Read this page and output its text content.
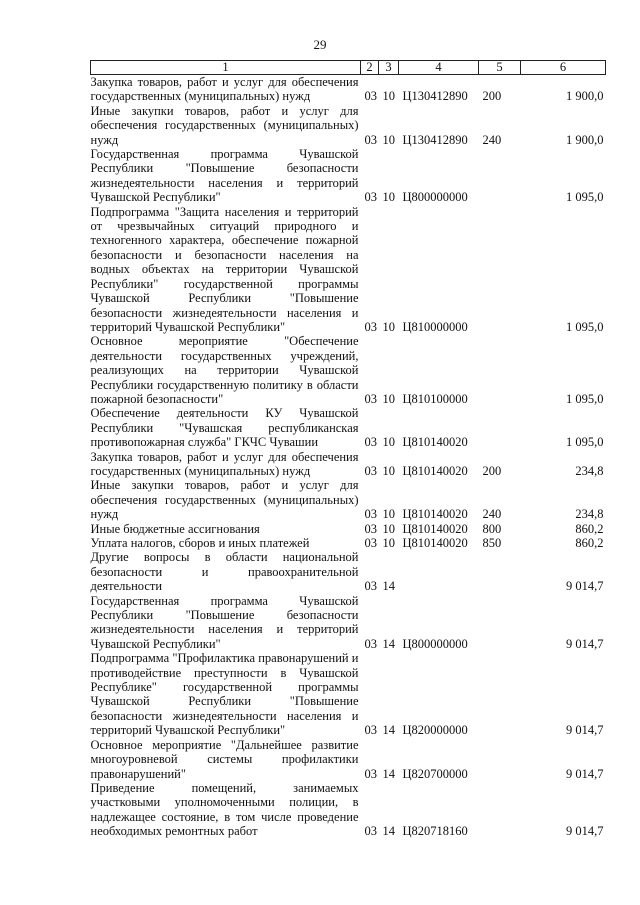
29
1	2	3	4	5	6
Закупка товаров, работ и услуг для обеспечения государственных (муниципальных) нужд	03	10	Ц130412890	200	1 900,0
Иные закупки товаров, работ и услуг для обеспечения государственных (муниципальных) нужд	03	10	Ц130412890	240	1 900,0
Государственная программа Чувашской Республики "Повышение безопасности жизнедеятельности населения и территорий Чувашской Республики"	03	10	Ц800000000		1 095,0
Подпрограмма "Защита населения и территорий от чрезвычайных ситуаций природного и техногенного характера, обеспечение пожарной безопасности и безопасности населения на водных объектах на территории Чувашской Республики" государственной программы Чувашской Республики "Повышение безопасности жизнедеятельности населения и территорий Чувашской Республики"	03	10	Ц810000000		1 095,0
Основное мероприятие "Обеспечение деятельности государственных учреждений, реализующих на территории Чувашской Республики государственную политику в области пожарной безопасности"	03	10	Ц810100000		1 095,0
Обеспечение деятельности КУ Чувашской Республики "Чувашская республиканская противопожарная служба" ГКЧС Чувашии	03	10	Ц810140020		1 095,0
Закупка товаров, работ и услуг для обеспечения государственных (муниципальных) нужд	03	10	Ц810140020	200	234,8
Иные закупки товаров, работ и услуг для обеспечения государственных (муниципальных) нужд	03	10	Ц810140020	240	234,8
Иные бюджетные ассигнования	03	10	Ц810140020	800	860,2
Уплата налогов, сборов и иных платежей	03	10	Ц810140020	850	860,2
Другие вопросы в области национальной безопасности и правоохранительной деятельности	03	14			9 014,7
Государственная программа Чувашской Республики "Повышение безопасности жизнедеятельности населения и территорий Чувашской Республики"	03	14	Ц800000000		9 014,7
Подпрограмма "Профилактика правонарушений и противодействие преступности в Чувашской Республике" государственной программы Чувашской Республики "Повышение безопасности жизнедеятельности населения и территорий Чувашской Республики"	03	14	Ц820000000		9 014,7
Основное мероприятие "Дальнейшее развитие многоуровневой системы профилактики правонарушений"	03	14	Ц820700000		9 014,7
Приведение помещений, занимаемых участковыми уполномоченными полиции, в надлежащее состояние, в том числе проведение необходимых ремонтных работ	03	14	Ц820718160		9 014,7
